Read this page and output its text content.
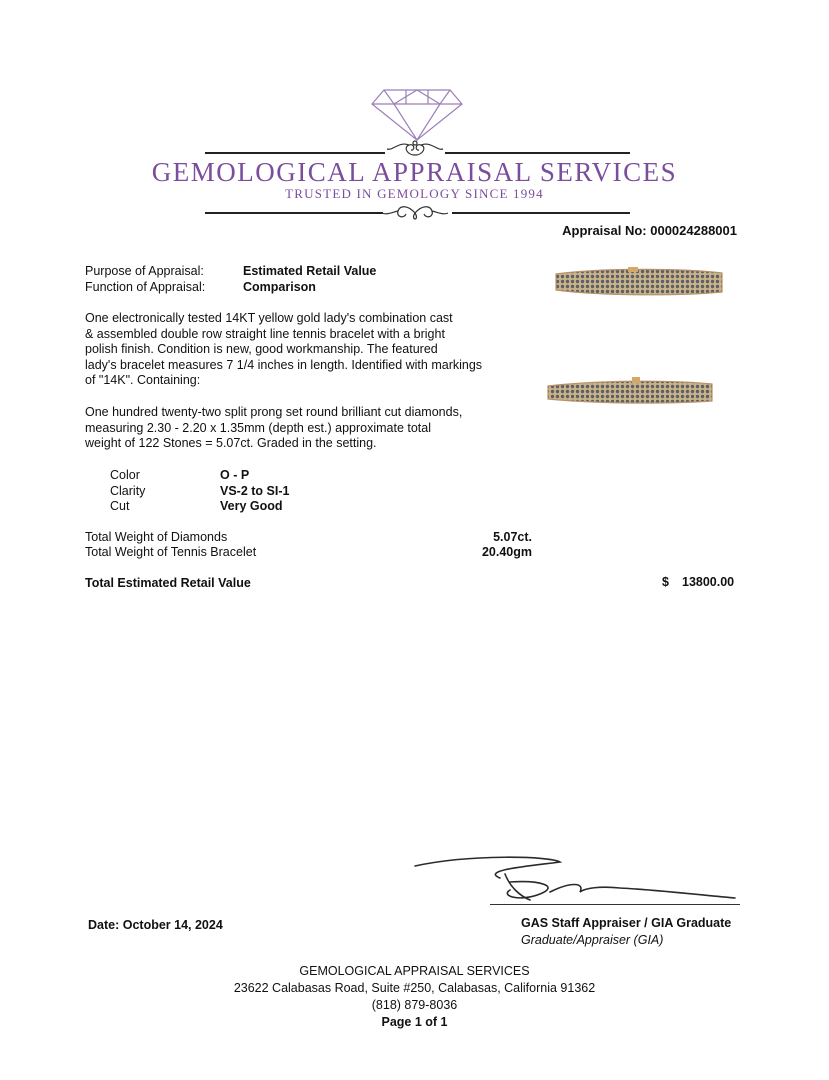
GEMOLOGICAL APPRAISAL SERVICES
TRUSTED IN GEMOLOGY SINCE 1994
Appraisal No: 000024288001
Purpose of Appraisal:	Estimated Retail Value
Function of Appraisal:	Comparison
One electronically tested 14KT yellow gold lady's combination cast
& assembled double row straight line tennis bracelet with a bright
polish finish. Condition is new, good workmanship. The featured
lady's bracelet measures 7 1/4 inches in length. Identified with markings
of "14K". Containing:
One hundred twenty-two split prong set round brilliant cut diamonds,
measuring 2.30 - 2.20 x 1.35mm (depth est.) approximate total
weight of 122 Stones = 5.07ct. Graded in the setting.
Color	O - P
Clarity	VS-2 to SI-1
Cut	Very Good
Total Weight of Diamonds	5.07ct.
Total Weight of Tennis Bracelet	20.40gm
Total Estimated Retail Value	$ 13800.00
Date: October 14, 2024	GAS Staff Appraiser / GIA Graduate
Graduate/Appraiser (GIA)
GEMOLOGICAL APPRAISAL SERVICES
23622 Calabasas Road, Suite #250, Calabasas, California 91362
(818) 879-8036
Page 1 of 1
